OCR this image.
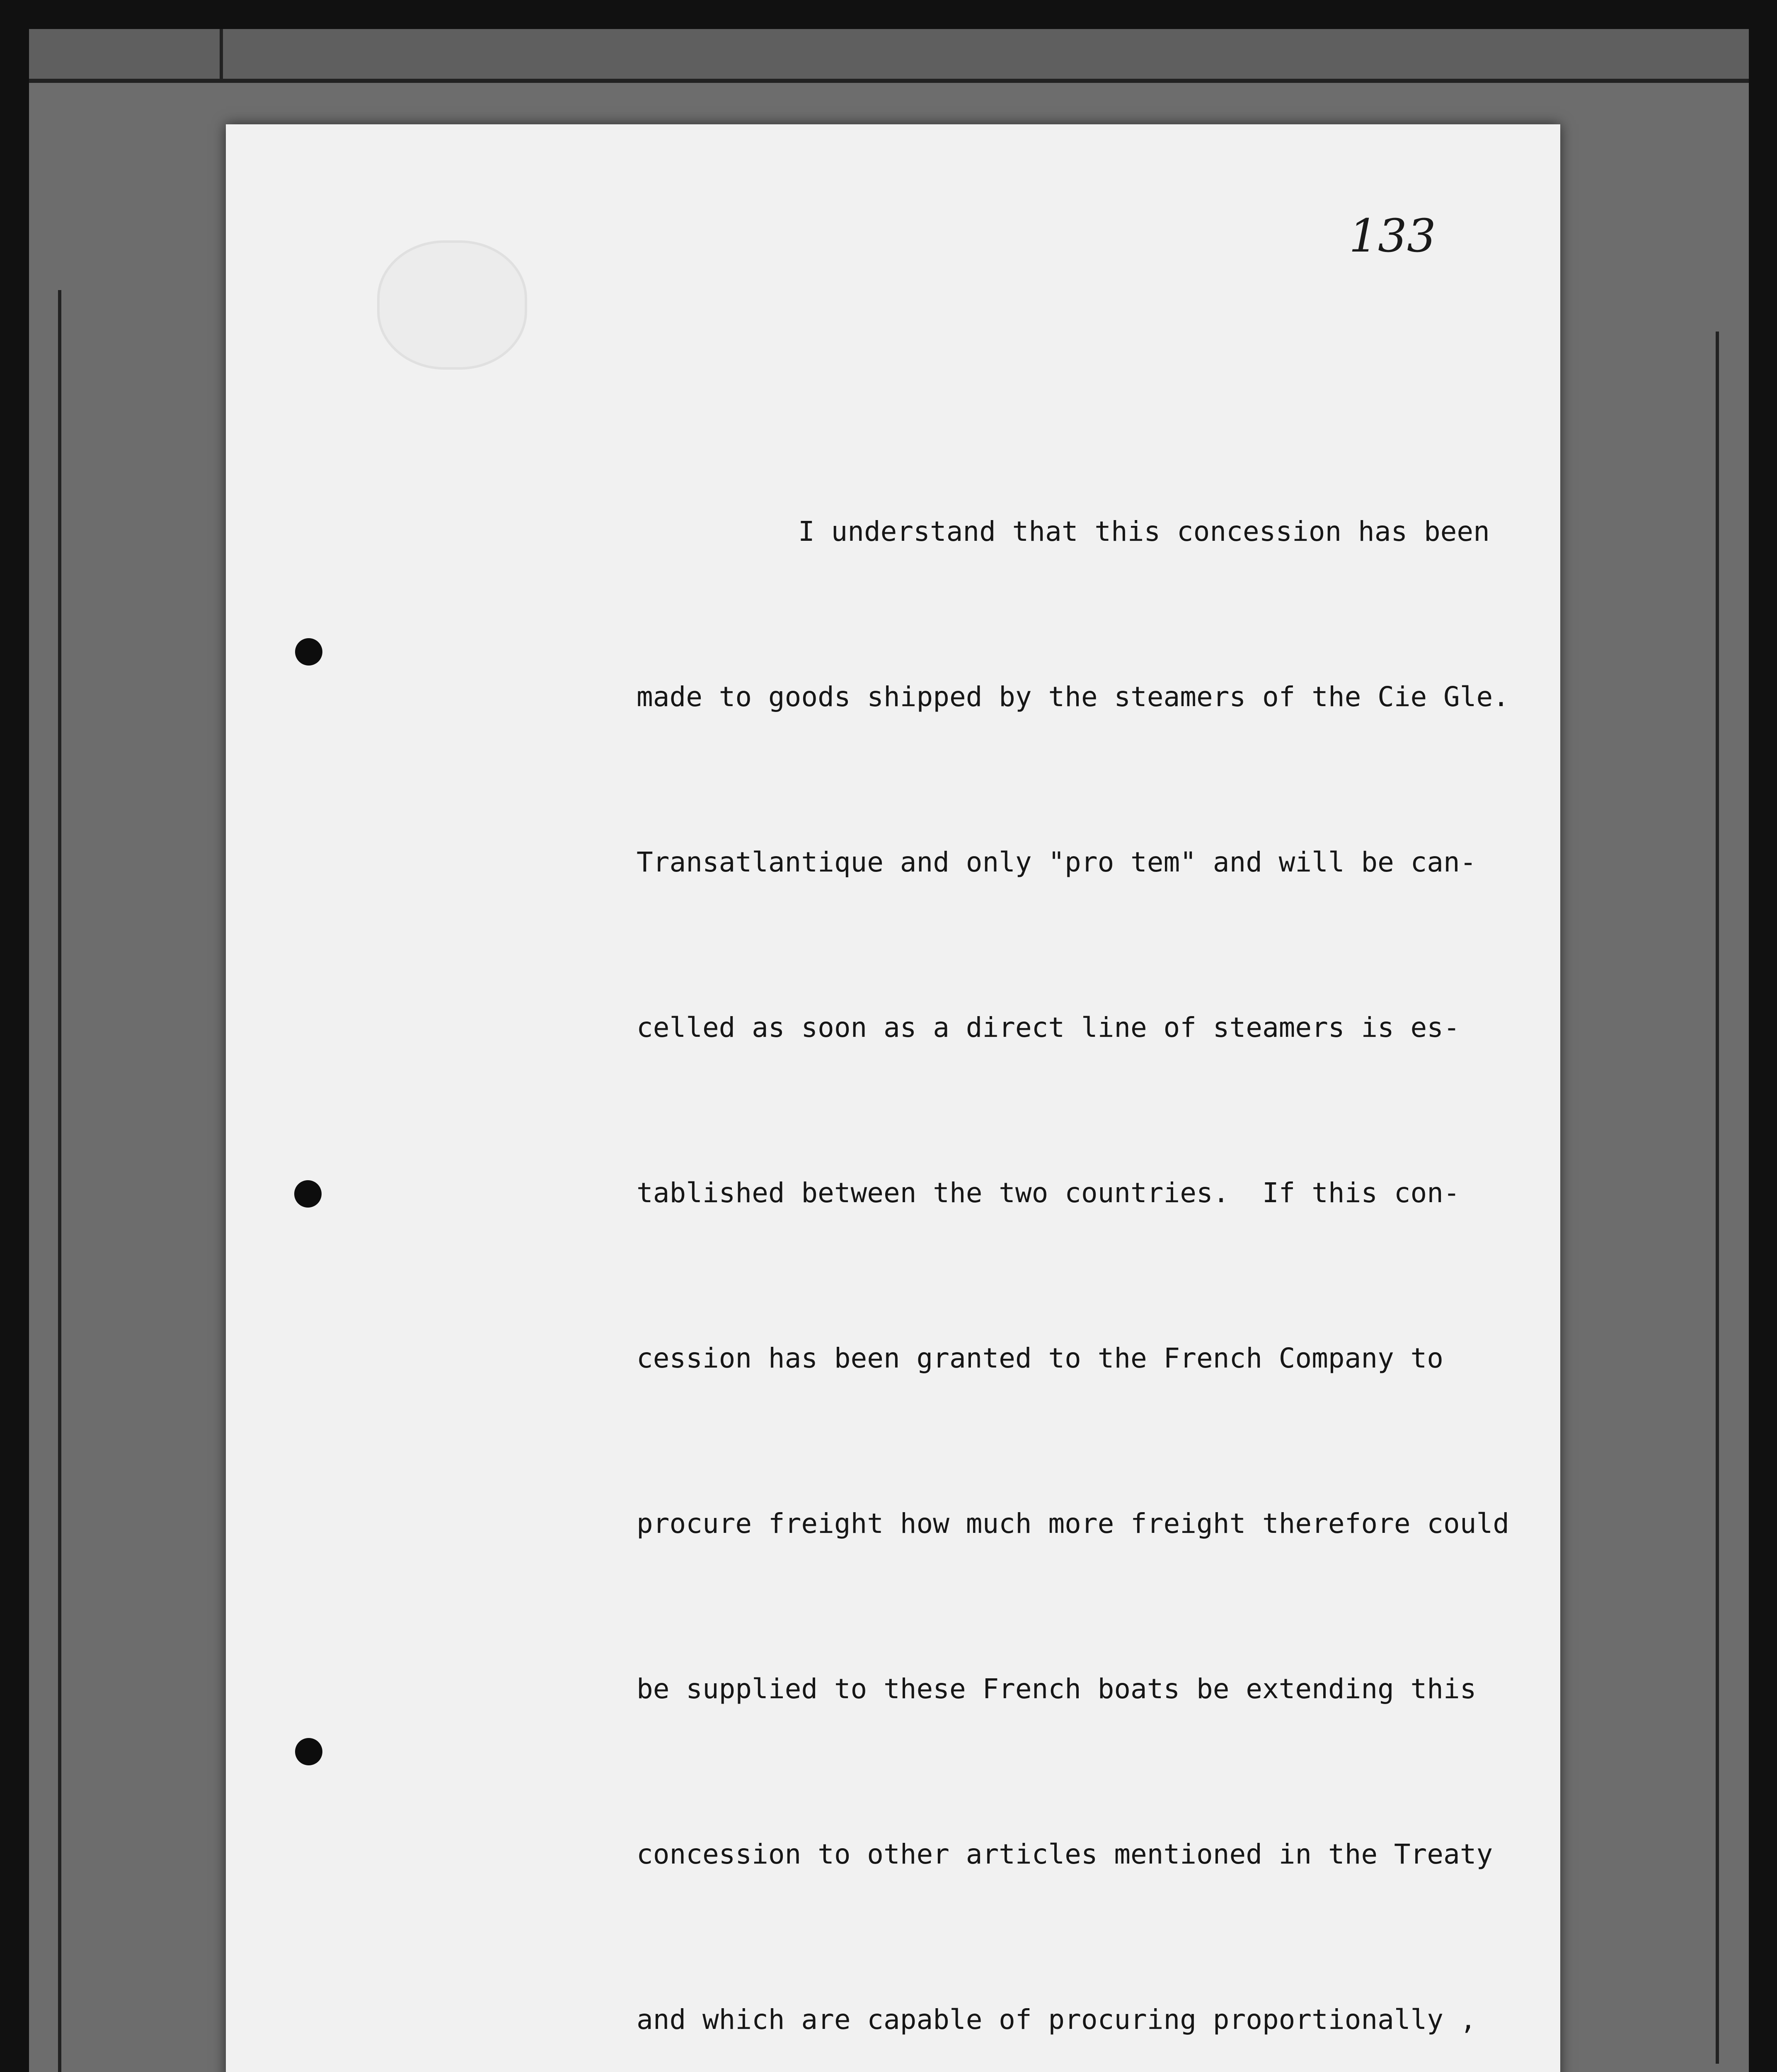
133

I understand that this concession has been

made to goods shipped by the steamers of the Cie Gle.

Transatlantique and only "pro tem" and will be can-

celled as soon as a direct line of steamers is es-

tablished between the two countries.  If this con-

cession has been granted to the French Company to

procure freight how much more freight therefore could

be supplied to these French boats be extending this

concession to other articles mentioned in the Treaty

and which are capable of procuring proportionally ,
